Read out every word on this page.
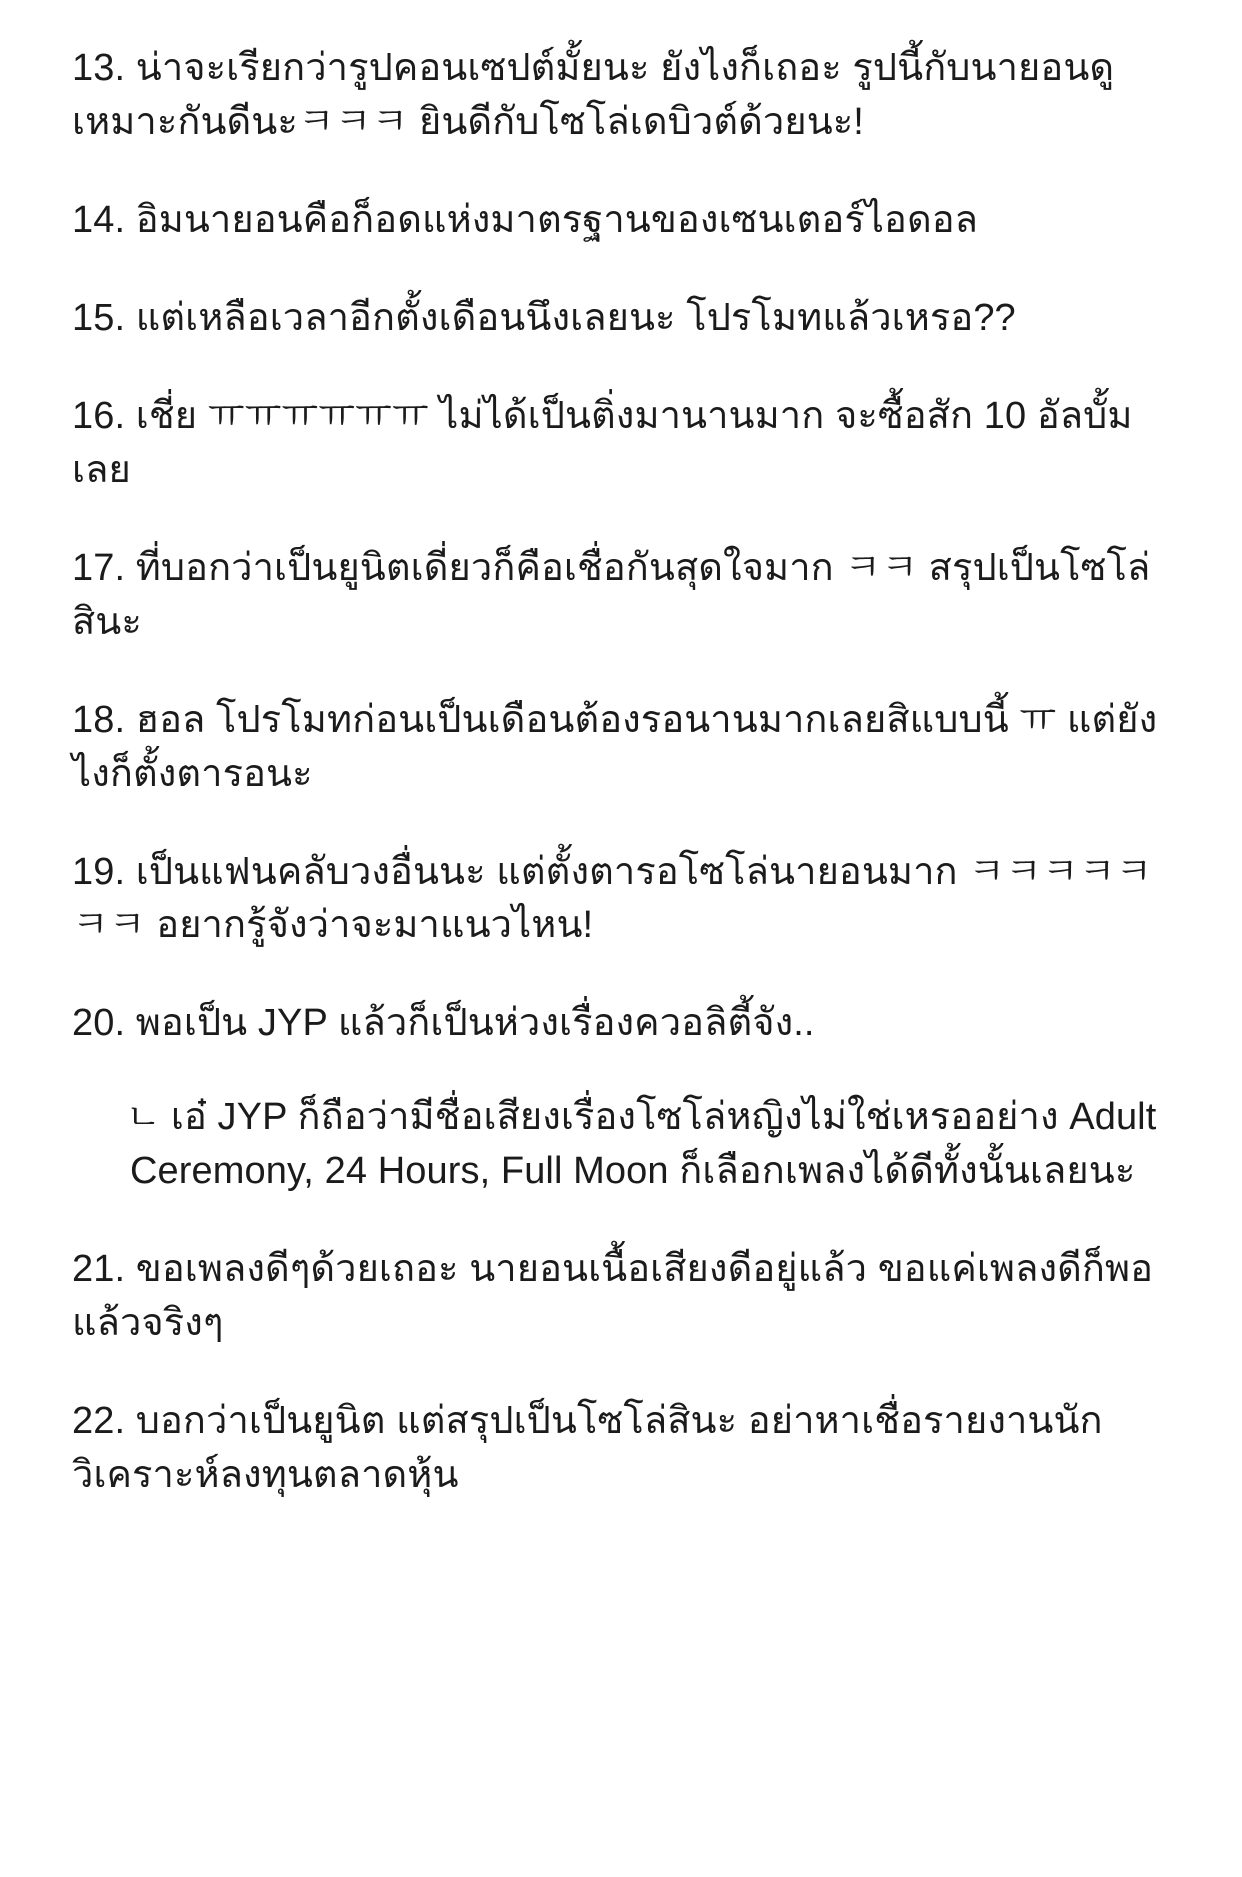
13. น่าจะเรียกว่ารูปคอนเซปต์มั้ยนะ ยังไงก็เถอะ รูปนี้กับนายอนดูเหมาะกันดีนะㅋㅋㅋ ยินดีกับโซโล่เดบิวต์ด้วยนะ!

14. อิมนายอนคือก็อดแห่งมาตรฐานของเซนเตอร์ไอดอล

15. แต่เหลือเวลาอีกตั้งเดือนนึงเลยนะ โปรโมทแล้วเหรอ??

16. เชี่ย ㅠㅠㅠㅠㅠㅠ ไม่ได้เป็นติ่งมานานมาก จะซื้อสัก 10 อัลบั้มเลย

17. ที่บอกว่าเป็นยูนิตเดี่ยวก็คือเชื่อกันสุดใจมาก ㅋㅋ สรุปเป็นโซโล่สินะ

18. ฮอล โปรโมทก่อนเป็นเดือนต้องรอนานมากเลยสิแบบนี้ ㅠ แต่ยังไงก็ตั้งตารอนะ

19. เป็นแฟนคลับวงอื่นนะ แต่ตั้งตารอโซโล่นายอนมาก ㅋㅋㅋㅋㅋㅋㅋ อยากรู้จังว่าจะมาแนวไหน!

20. พอเป็น JYP แล้วก็เป็นห่วงเรื่องควอลิตี้จัง..

ㄴ เอ๋ JYP ก็ถือว่ามีชื่อเสียงเรื่องโซโล่หญิงไม่ใช่เหรออย่าง Adult Ceremony, 24 Hours, Full Moon ก็เลือกเพลงได้ดีทั้งนั้นเลยนะ

21. ขอเพลงดีๆด้วยเถอะ นายอนเนื้อเสียงดีอยู่แล้ว ขอแค่เพลงดีก็พอแล้วจริงๆ

22. บอกว่าเป็นยูนิต แต่สรุปเป็นโซโล่สินะ อย่าหาเชื่อรายงานนักวิเคราะห์ลงทุนตลาดหุ้น
